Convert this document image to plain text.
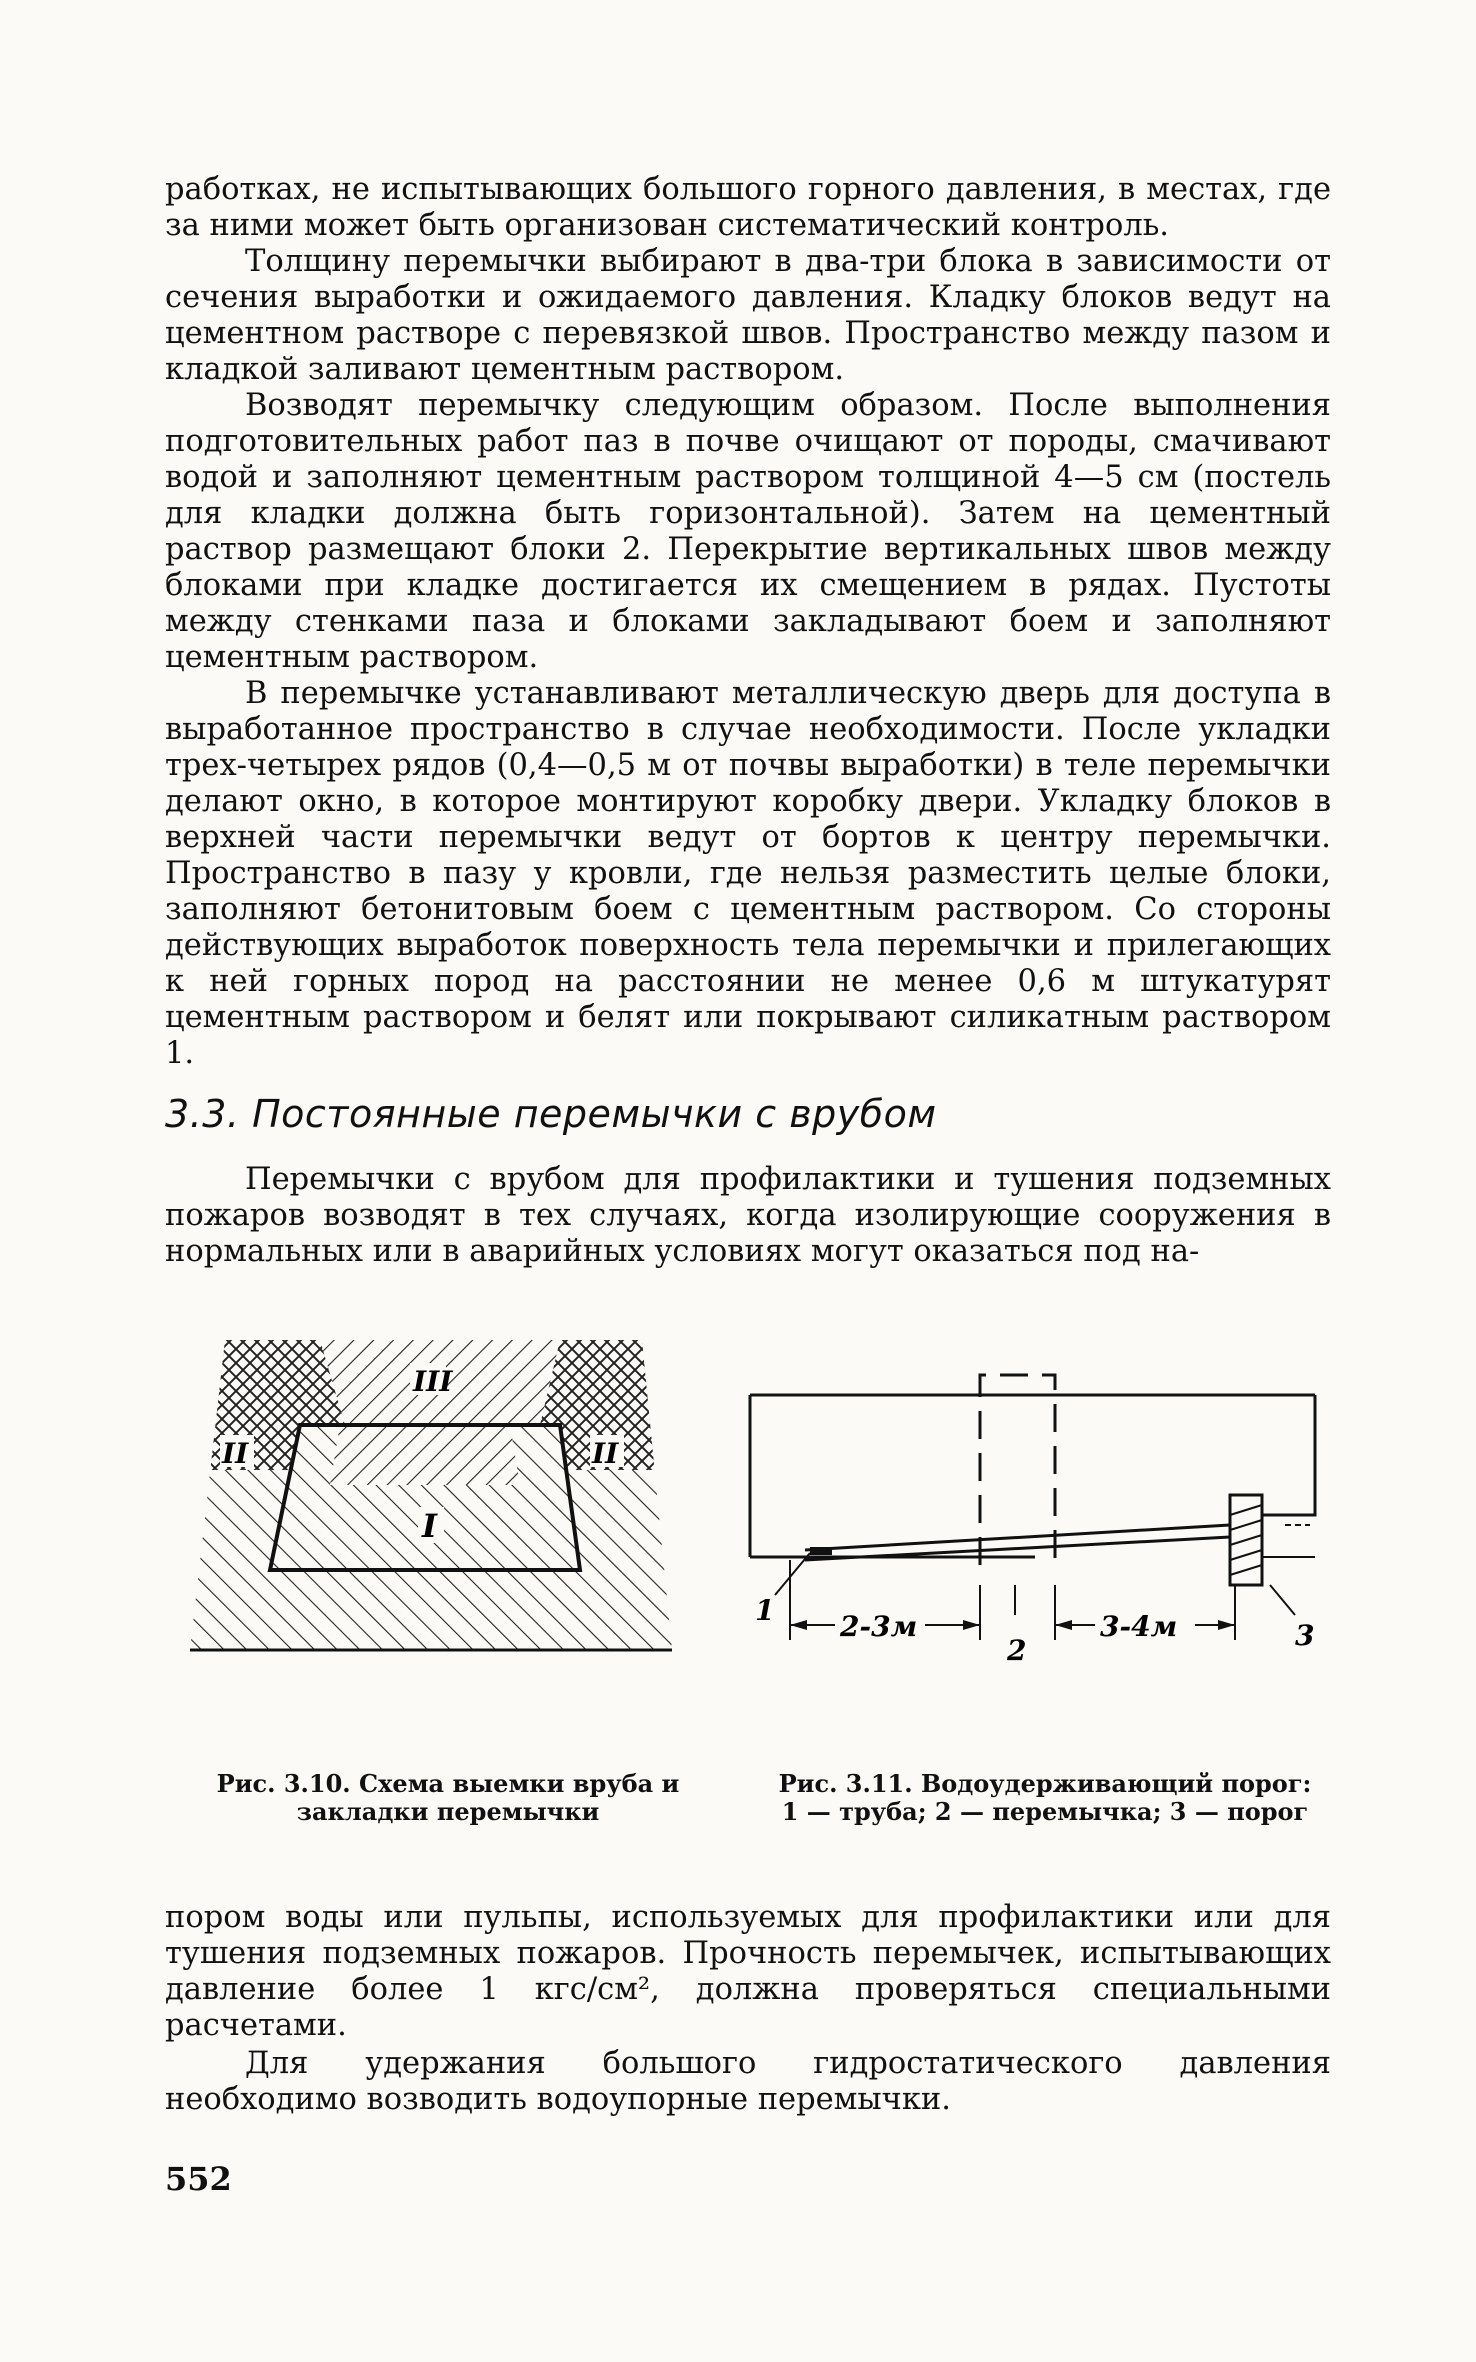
работках, не испытывающих большого горного давления, в местах, где за ними может быть организован систематический контроль.

Толщину перемычки выбирают в два-три блока в зависимости от сечения выработки и ожидаемого давления. Кладку блоков ведут на цементном растворе с перевязкой швов. Пространство между пазом и кладкой заливают цементным раствором.

Возводят перемычку следующим образом. После выполнения подготовительных работ паз в почве очищают от породы, смачивают водой и заполняют цементным раствором толщиной 4—5 см (постель для кладки должна быть горизонтальной). Затем на цементный раствор размещают блоки 2. Перекрытие вертикальных швов между блоками при кладке достигается их смещением в рядах. Пустоты между стенками паза и блоками закладывают боем и заполняют цементным раствором.

В перемычке устанавливают металлическую дверь для доступа в выработанное пространство в случае необходимости. После укладки трех-четырех рядов (0,4—0,5 м от почвы выработки) в теле перемычки делают окно, в которое монтируют коробку двери. Укладку блоков в верхней части перемычки ведут от бортов к центру перемычки. Пространство в пазу у кровли, где нельзя разместить целые блоки, заполняют бетонитовым боем с цементным раствором. Со стороны действующих выработок поверхность тела перемычки и прилегающих к ней горных пород на расстоянии не менее 0,6 м штукатурят цементным раствором и белят или покрывают силикатным раствором 1.

3.3. Постоянные перемычки с врубом

Перемычки с врубом для профилактики и тушения подземных пожаров возводят в тех случаях, когда изолирующие сооружения в нормальных или в аварийных условиях могут оказаться под на-

III
II	II
I
2-3м	3-4м
1
2	3

Рис. 3.10. Схема выемки вруба и
закладки перемычки

Рис. 3.11. Водоудерживающий порог:
1 — труба; 2 — перемычка; 3 — порог

пором воды или пульпы, используемых для профилактики или для тушения подземных пожаров. Прочность перемычек, испытывающих давление более 1 кгс/см², должна проверяться специальными расчетами.

Для удержания большого гидростатического давления необходимо возводить водоупорные перемычки.

552
